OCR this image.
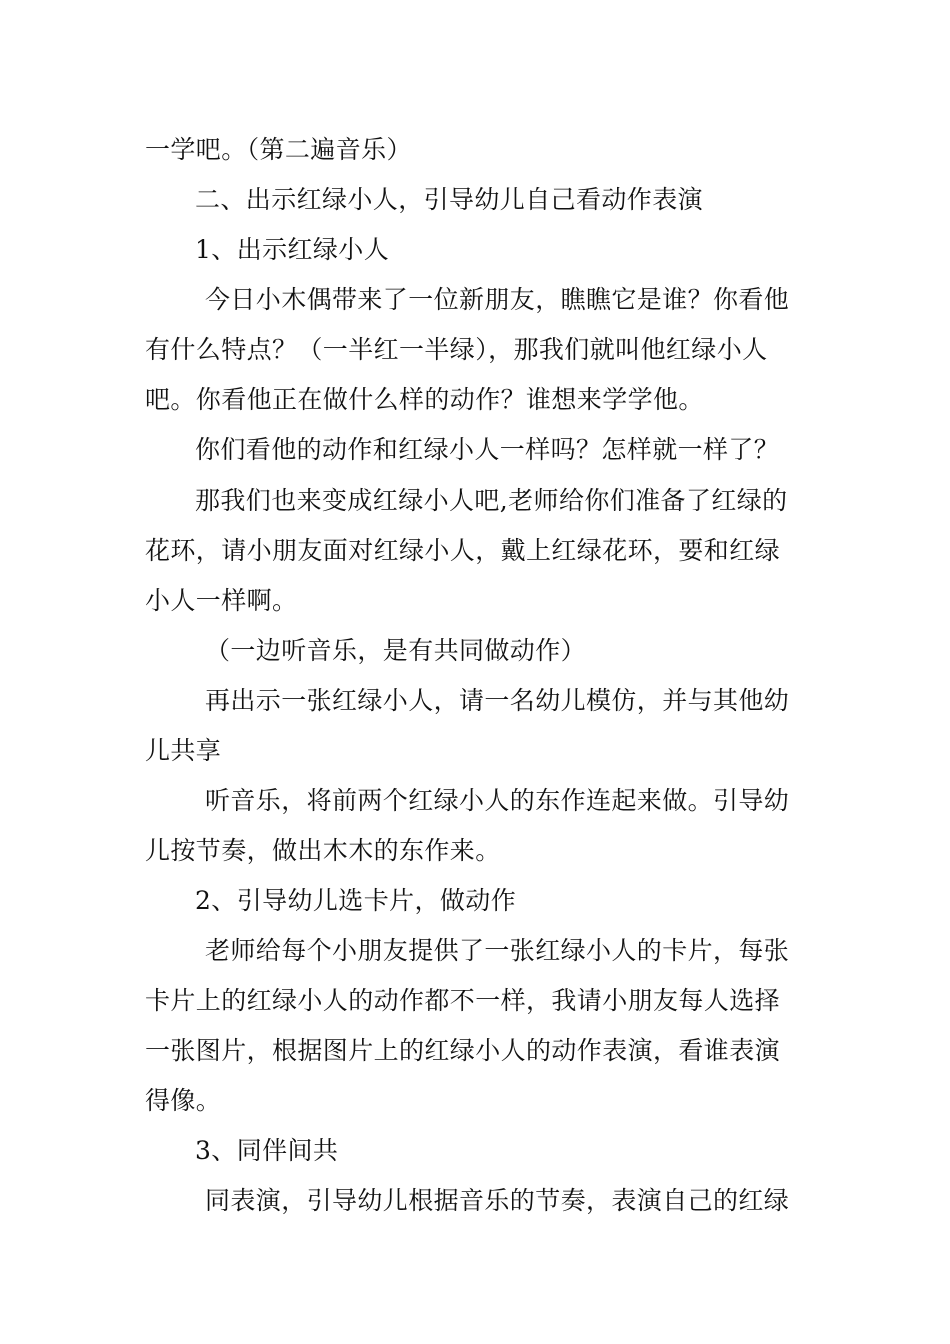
一学吧。（第二遍音乐）
二、出示红绿小人，引导幼儿自己看动作表演
1、出示红绿小人
今日小木偶带来了一位新朋友，瞧瞧它是谁？你看他
有什么特点？（一半红一半绿），那我们就叫他红绿小人
吧。你看他正在做什么样的动作？谁想来学学他。
你们看他的动作和红绿小人一样吗？怎样就一样了？
那我们也来变成红绿小人吧,老师给你们准备了红绿的
花环，请小朋友面对红绿小人，戴上红绿花环，要和红绿
小人一样啊。
（一边听音乐，是有共同做动作）
再出示一张红绿小人，请一名幼儿模仿，并与其他幼
儿共享
听音乐，将前两个红绿小人的东作连起来做。引导幼
儿按节奏，做出木木的东作来。
2、引导幼儿选卡片，做动作
老师给每个小朋友提供了一张红绿小人的卡片，每张
卡片上的红绿小人的动作都不一样，我请小朋友每人选择
一张图片，根据图片上的红绿小人的动作表演，看谁表演
得像。
3、同伴间共
同表演，引导幼儿根据音乐的节奏，表演自己的红绿
